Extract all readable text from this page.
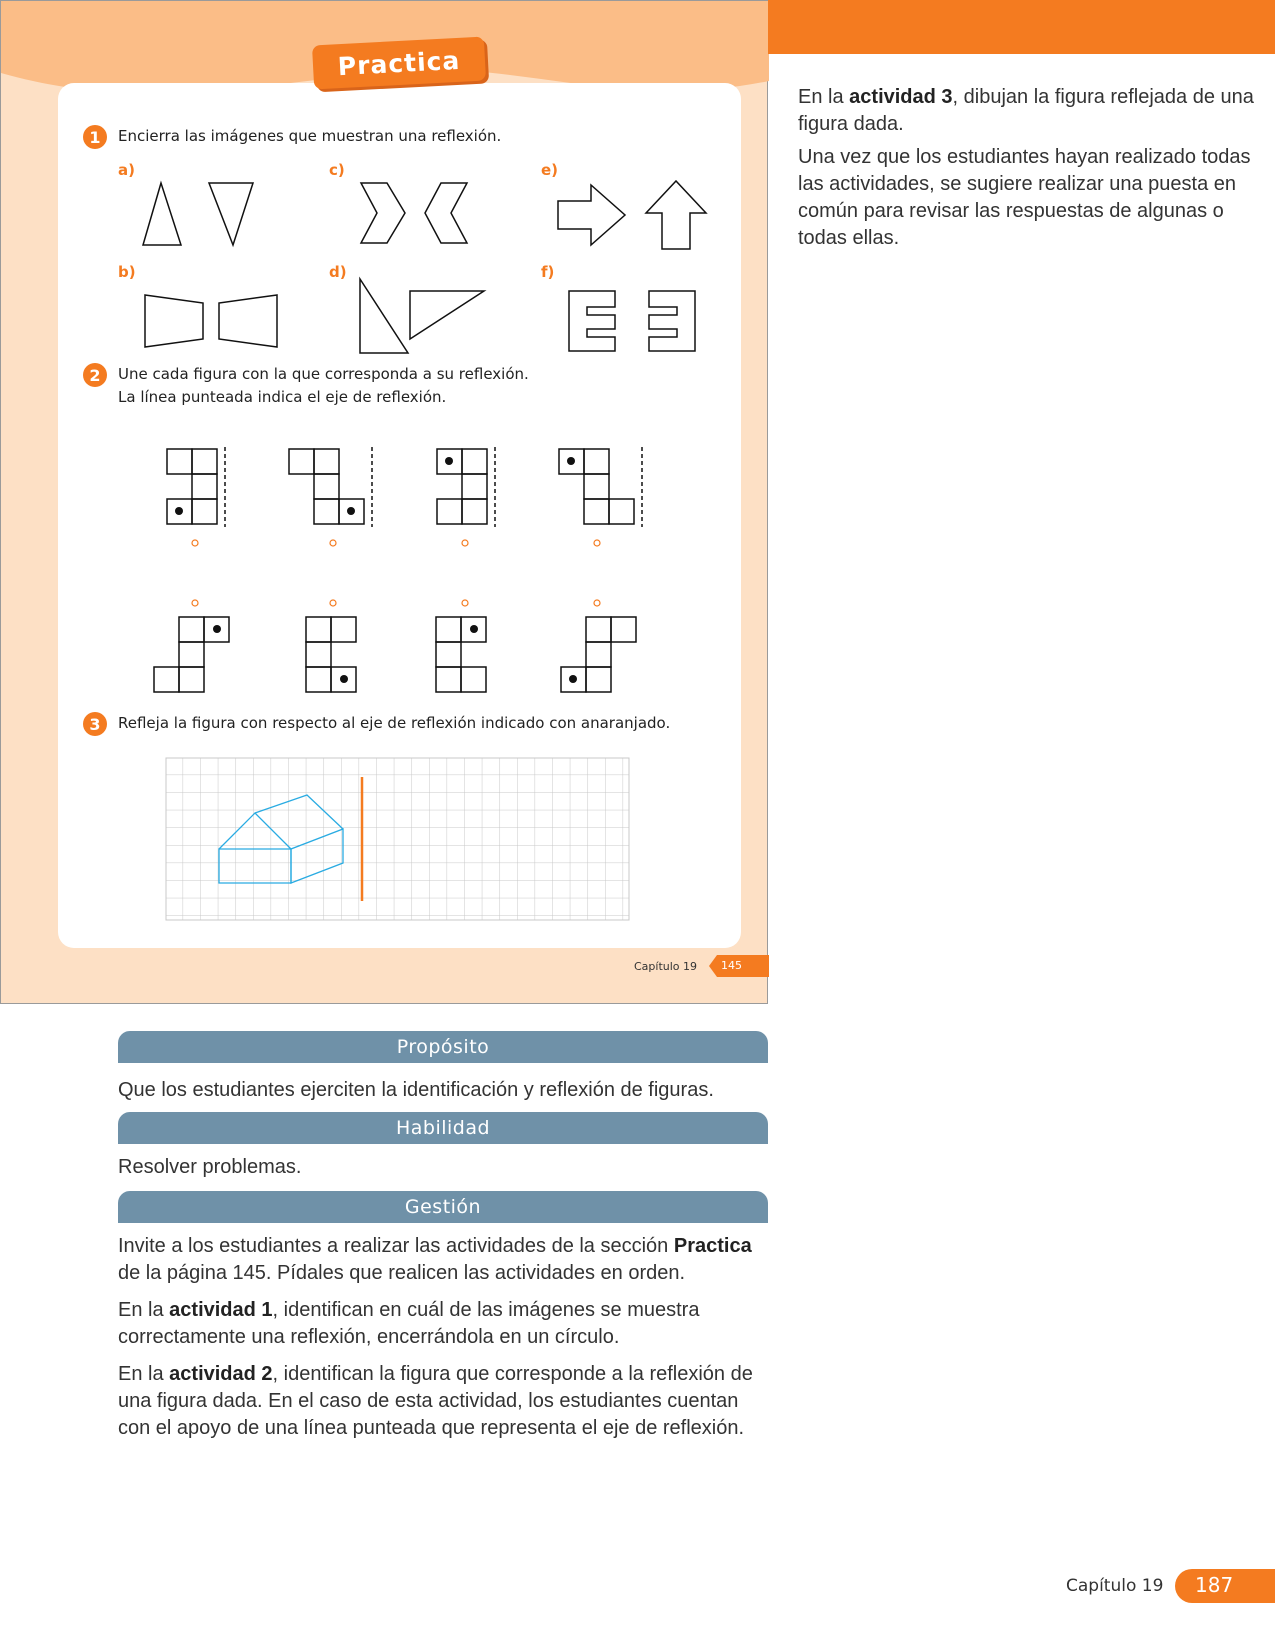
Practica
1	Encierra las imágenes que muestran una reflexión.
a)	c)	e)
b)	d)	f)
2	Une cada figura con la que corresponda a su reflexión.
La línea punteada indica el eje de reflexión.
3	Refleja la figura con respecto al eje de reflexión indicado con anaranjado.
Capítulo 19 145

En la actividad 3, dibujan la figura reflejada de una figura dada.

Una vez que los estudiantes hayan realizado todas las actividades, se sugiere realizar una puesta en común para revisar las respuestas de algunas o todas ellas.

Propósito

Que los estudiantes ejerciten la identificación y reflexión de figuras.

Habilidad

Resolver problemas.

Gestión

Invite a los estudiantes a realizar las actividades de la sección Practica de la página 145. Pídales que realicen las actividades en orden.

En la actividad 1, identifican en cuál de las imágenes se muestra correctamente una reflexión, encerrándola en un círculo.

En la actividad 2, identifican la figura que corresponde a la reflexión de una figura dada. En el caso de esta actividad, los estudiantes cuentan con el apoyo de una línea punteada que representa el eje de reflexión.

Capítulo 19 187
